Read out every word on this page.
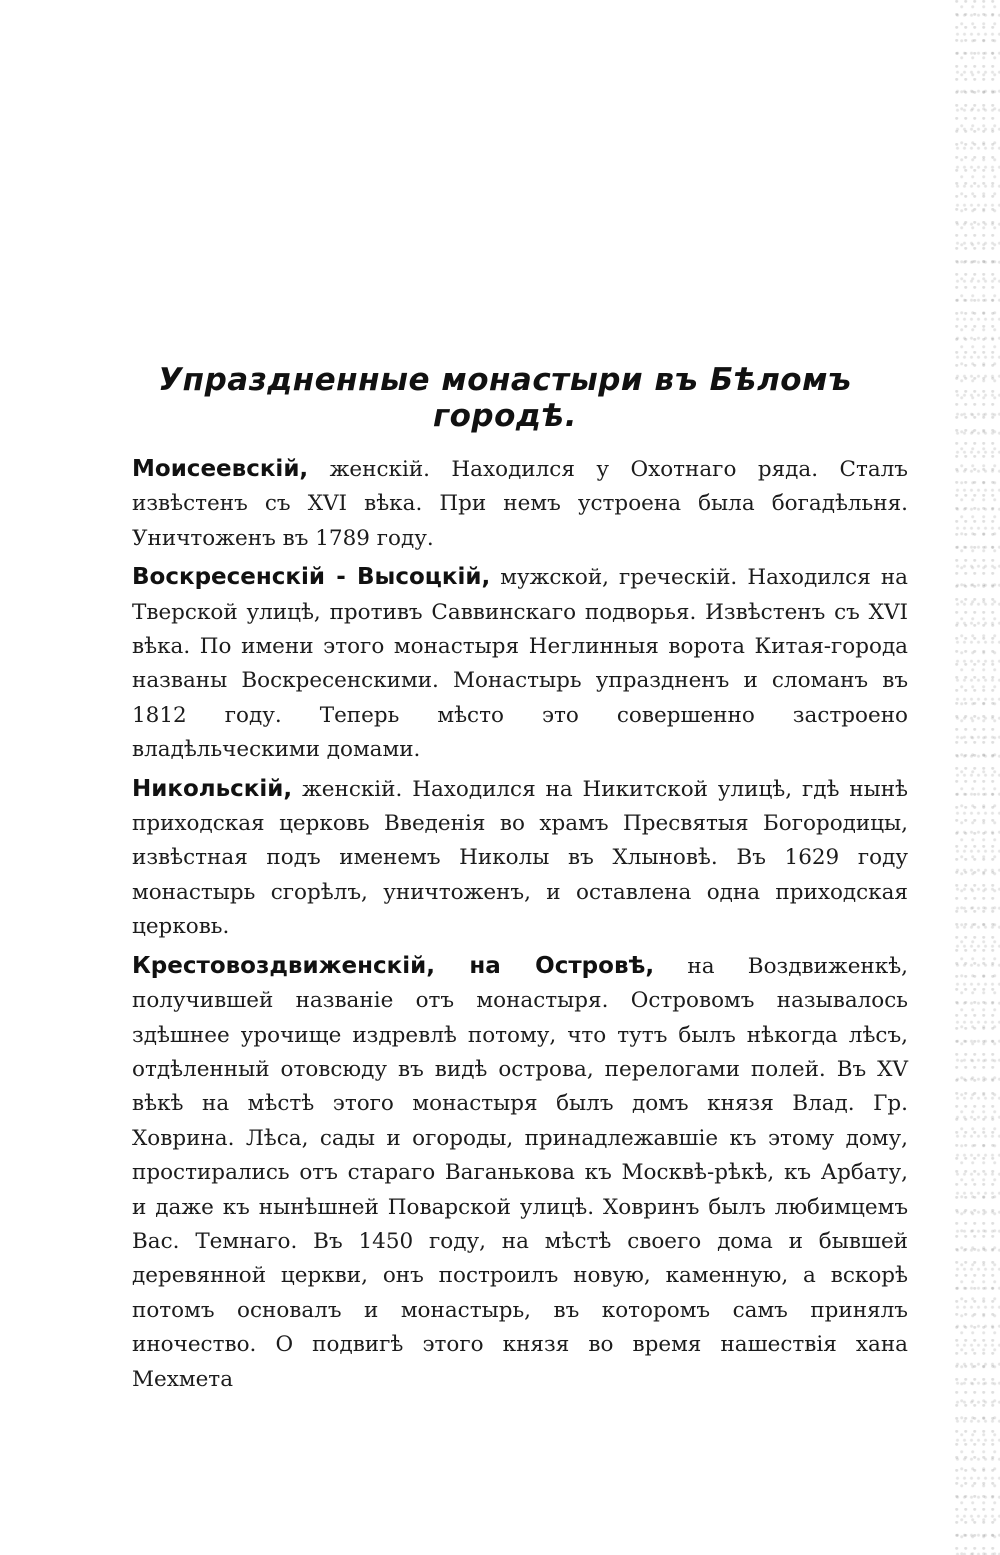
Упраздненные монастыри въ Бѣломъ городѣ.

Моисеевскій, женскій. Находился у Охотнаго ряда. Сталъ извѣстенъ съ XVI вѣка. При немъ устроена была богадѣльня. Уничтоженъ въ 1789 году.

Воскресенскій - Высоцкій, мужской, греческій. Находился на Тверской улицѣ, противъ Саввинскаго подворья. Извѣстенъ съ XVI вѣка. По имени этого монастыря Неглинныя ворота Китая-города названы Воскресенскими. Монастырь упраздненъ и сломанъ въ 1812 году. Теперь мѣсто это совершенно застроено владѣльческими домами.

Никольскій, женскій. Находился на Никитской улицѣ, гдѣ нынѣ приходская церковь Введенія во храмъ Пресвятыя Богородицы, извѣстная подъ именемъ Николы въ Хлыновѣ. Въ 1629 году монастырь сгорѣлъ, уничтоженъ, и оставлена одна приходская церковь.

Крестовоздвиженскій, на Островѣ, на Воздвиженкѣ, получившей названіе отъ монастыря. Островомъ называлось здѣшнее урочище издревлѣ потому, что тутъ былъ нѣкогда лѣсъ, отдѣленный отовсюду въ видѣ острова, перелогами полей. Въ XV вѣкѣ на мѣстѣ этого монастыря былъ домъ князя Влад. Гр. Ховрина. Лѣса, сады и огороды, принадлежавшіе къ этому дому, простирались отъ стараго Ваганькова къ Москвѣ-рѣкѣ, къ Арбату, и даже къ нынѣшней Поварской улицѣ. Ховринъ былъ любимцемъ Вас. Темнаго. Въ 1450 году, на мѣстѣ своего дома и бывшей деревянной церкви, онъ построилъ новую, каменную, а вскорѣ потомъ основалъ и монастырь, въ которомъ самъ принялъ иночество. О подвигѣ этого князя во время нашествія хана Мехмета
